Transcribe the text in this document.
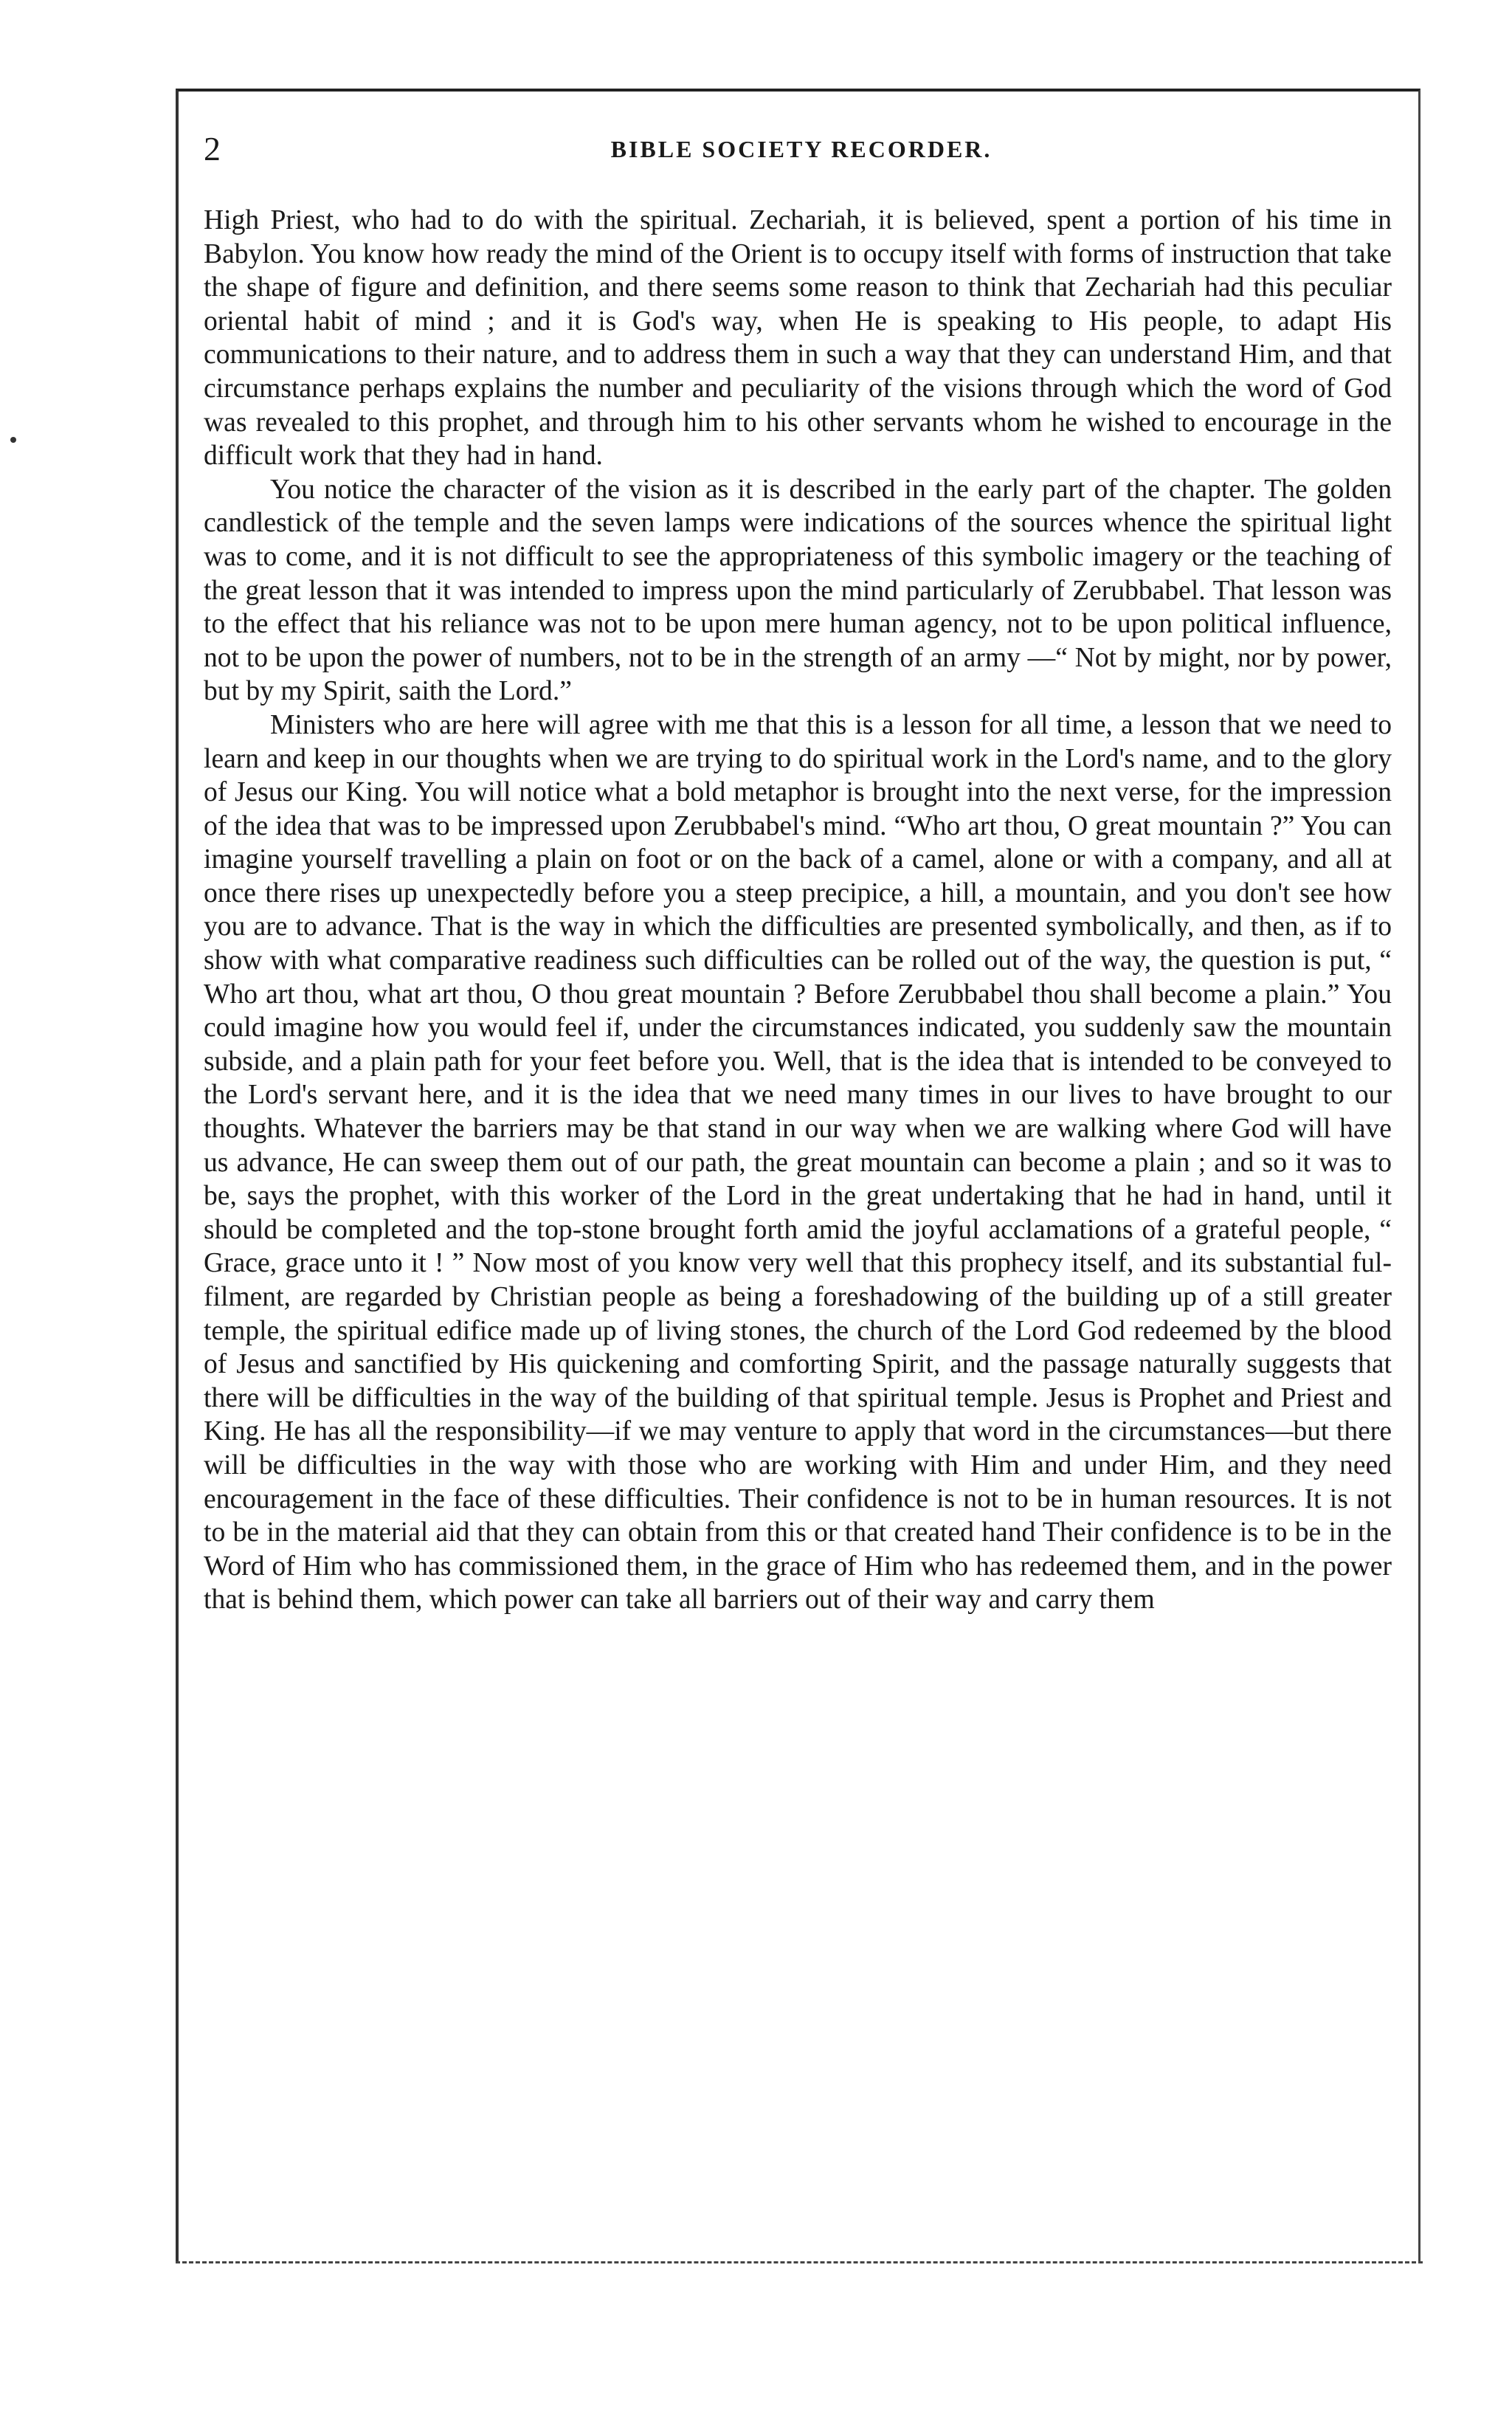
2	BIBLE SOCIETY RECORDER.

High Priest, who had to do with the spiritual. Zechariah, it is believed, spent a portion of his time in Babylon. You know how ready the mind of the Orient is to occupy itself with forms of instruction that take the shape of figure and definition, and there seems some reason to think that Zechariah had this peculiar oriental habit of mind ; and it is God's way, when He is speaking to His people, to adapt His communications to their nature, and to address them in such a way that they can understand Him, and that circumstance perhaps explains the number and peculiarity of the visions through which the word of God was revealed to this prophet, and through him to his other servants whom he wished to encourage in the difficult work that they had in hand.

You notice the character of the vision as it is described in the early part of the chapter. The golden candlestick of the temple and the seven lamps were indications of the sources whence the spiritual light was to come, and it is not difficult to see the appropriateness of this symbolic imagery or the teaching of the great lesson that it was intended to impress upon the mind particularly of Zerubbabel. That lesson was to the effect that his reliance was not to be upon mere human agency, not to be upon political influence, not to be upon the power of numbers, not to be in the strength of an army —“ Not by might, nor by power, but by my Spirit, saith the Lord.”

Ministers who are here will agree with me that this is a lesson for all time, a lesson that we need to learn and keep in our thoughts when we are trying to do spiritual work in the Lord's name, and to the glory of Jesus our King. You will notice what a bold metaphor is brought into the next verse, for the impression of the idea that was to be impressed upon Zerubbabel's mind. “Who art thou, O great mountain ?” You can imagine yourself travelling a plain on foot or on the back of a camel, alone or with a company, and all at once there rises up unexpectedly before you a steep precipice, a hill, a mountain, and you don't see how you are to advance. That is the way in which the difficulties are presented symbolically, and then, as if to show with what comparative readiness such difficulties can be rolled out of the way, the question is put, “ Who art thou, what art thou, O thou great mountain ? Before Zerubbabel thou shall become a plain.” You could imagine how you would feel if, under the circumstances indicated, you suddenly saw the mountain subside, and a plain path for your feet before you. Well, that is the idea that is intended to be conveyed to the Lord's servant here, and it is the idea that we need many times in our lives to have brought to our thoughts. Whatever the barriers may be that stand in our way when we are walking where God will have us advance, He can sweep them out of our path, the great mountain can become a plain ; and so it was to be, says the prophet, with this worker of the Lord in the great undertaking that he had in hand, until it should be completed and the top-stone brought forth amid the joyful acclamations of a grateful people, “ Grace, grace unto it ! ” Now most of you know very well that this prophecy itself, and its substantial fulfilment, are regarded by Christian people as being a foreshadowing of the building up of a still greater temple, the spiritual edifice made up of living stones, the church of the Lord God redeemed by the blood of Jesus and sanctified by His quickening and comforting Spirit, and the passage naturally suggests that there will be difficulties in the way of the building of that spiritual temple. Jesus is Prophet and Priest and King. He has all the responsibility—if we may venture to apply that word in the circumstances—but there will be difficulties in the way with those who are working with Him and under Him, and they need encouragement in the face of these difficulties. Their confidence is not to be in human resources. It is not to be in the material aid that they can obtain from this or that created hand Their confidence is to be in the Word of Him who has commissioned them, in the grace of Him who has redeemed them, and in the power that is behind them, which power can take all barriers out of their way and carry them
